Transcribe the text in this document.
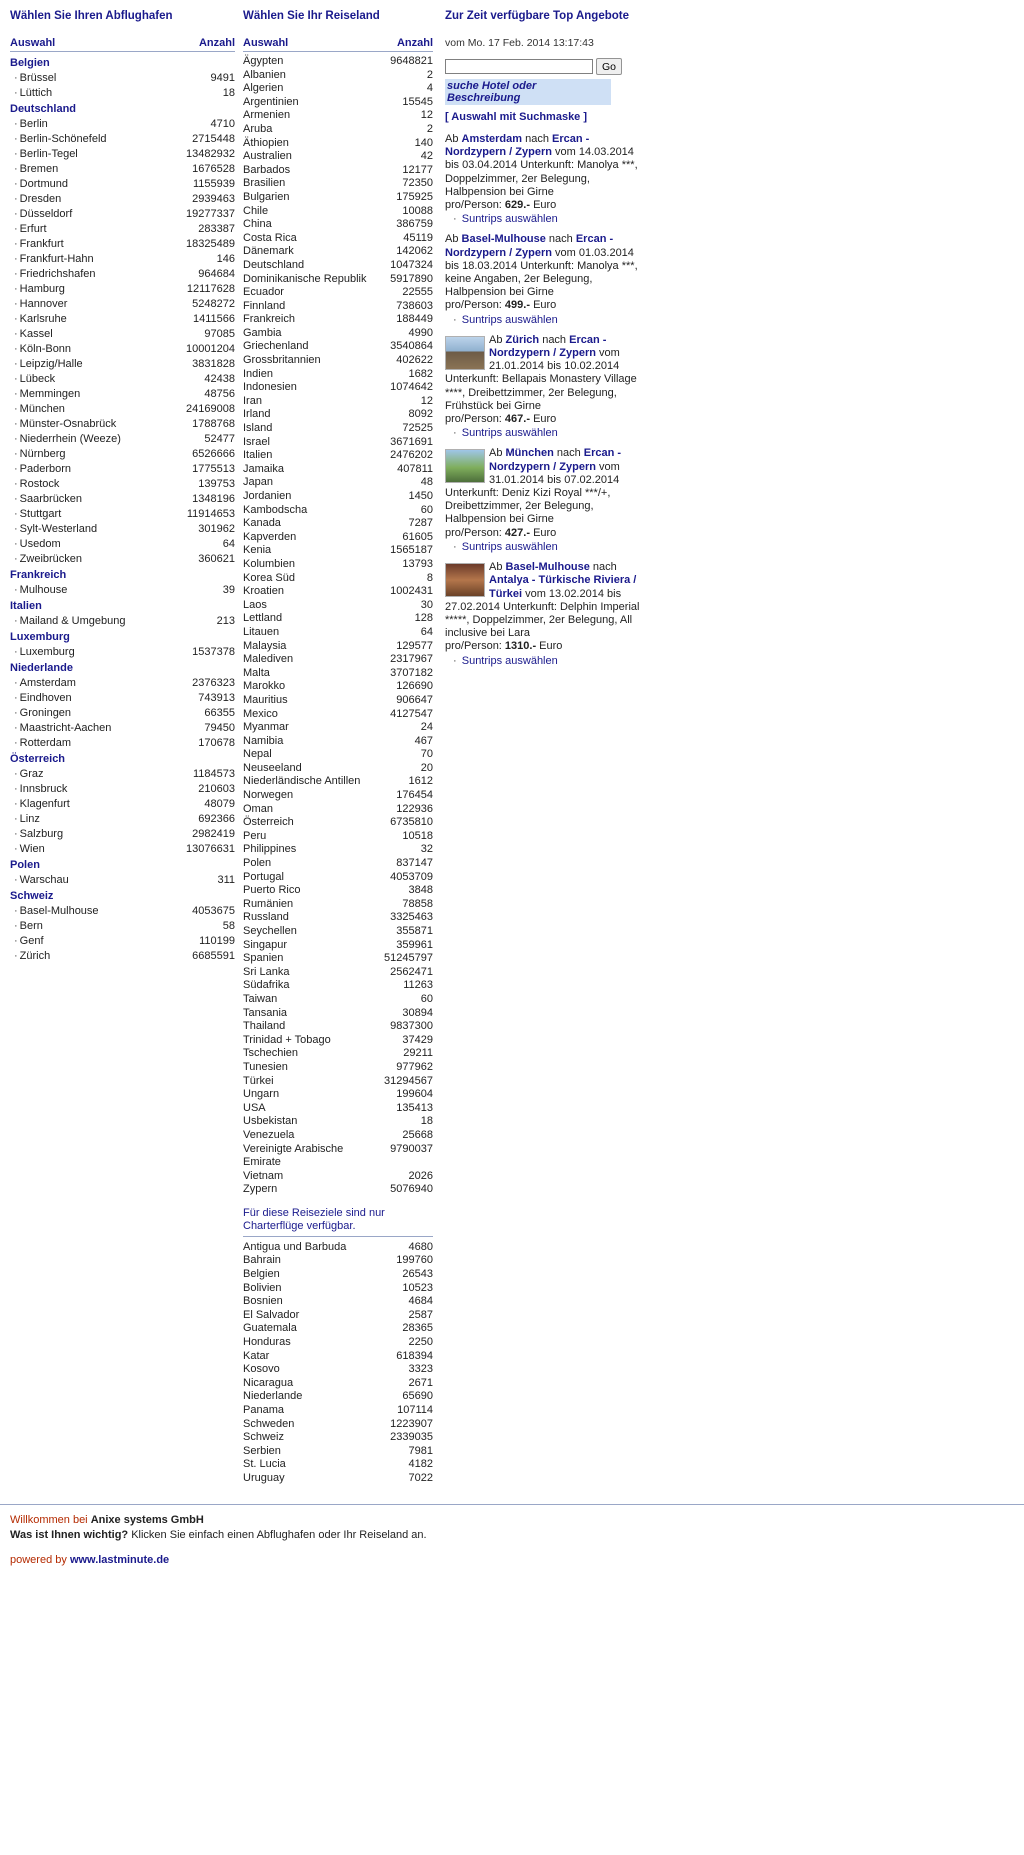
Wählen Sie Ihren Abflughafen
Auswahl	Anzahl
Belgien
· Brüssel	9491
· Lüttich	18
Deutschland
· Berlin	4710
· Berlin-Schönefeld	2715448
· Berlin-Tegel	13482932
· Bremen	1676528
· Dortmund	1155939
· Dresden	2939463
· Düsseldorf	19277337
· Erfurt	283387
· Frankfurt	18325489
· Frankfurt-Hahn	146
· Friedrichshafen	964684
· Hamburg	12117628
· Hannover	5248272
· Karlsruhe	1411566
· Kassel	97085
· Köln-Bonn	10001204
· Leipzig/Halle	3831828
· Lübeck	42438
· Memmingen	48756
· München	24169008
· Münster-Osnabrück	1788768
· Niederrhein (Weeze)	52477
· Nürnberg	6526666
· Paderborn	1775513
· Rostock	139753
· Saarbrücken	1348196
· Stuttgart	11914653
· Sylt-Westerland	301962
· Usedom	64
· Zweibrücken	360621
Frankreich
· Mulhouse	39
Italien
· Mailand & Umgebung	213
Luxemburg
· Luxemburg	1537378
Niederlande
· Amsterdam	2376323
· Eindhoven	743913
· Groningen	66355
· Maastricht-Aachen	79450
· Rotterdam	170678
Österreich
· Graz	1184573
· Innsbruck	210603
· Klagenfurt	48079
· Linz	692366
· Salzburg	2982419
· Wien	13076631
Polen
· Warschau	311
Schweiz
· Basel-Mulhouse	4053675
· Bern	58
· Genf	110199
· Zürich	6685591
Wählen Sie Ihr Reiseland
Auswahl	Anzahl
Ägypten	9648821
Albanien	2
Algerien	4
Argentinien	15545
Armenien	12
Aruba	2
Äthiopien	140
Australien	42
Barbados	12177
Brasilien	72350
Bulgarien	175925
Chile	10088
China	386759
Costa Rica	45119
Dänemark	142062
Deutschland	1047324
Dominikanische Republik	5917890
Ecuador	22555
Finnland	738603
Frankreich	188449
Gambia	4990
Griechenland	3540864
Grossbritannien	402622
Indien	1682
Indonesien	1074642
Iran	12
Irland	8092
Island	72525
Israel	3671691
Italien	2476202
Jamaika	407811
Japan	48
Jordanien	1450
Kambodscha	60
Kanada	7287
Kapverden	61605
Kenia	1565187
Kolumbien	13793
Korea Süd	8
Kroatien	1002431
Laos	30
Lettland	128
Litauen	64
Malaysia	129577
Malediven	2317967
Malta	3707182
Marokko	126690
Mauritius	906647
Mexico	4127547
Myanmar	24
Namibia	467
Nepal	70
Neuseeland	20
Niederländische Antillen	1612
Norwegen	176454
Oman	122936
Österreich	6735810
Peru	10518
Philippines	32
Polen	837147
Portugal	4053709
Puerto Rico	3848
Rumänien	78858
Russland	3325463
Seychellen	355871
Singapur	359961
Spanien	51245797
Sri Lanka	2562471
Südafrika	11263
Taiwan	60
Tansania	30894
Thailand	9837300
Trinidad + Tobago	37429
Tschechien	29211
Tunesien	977962
Türkei	31294567
Ungarn	199604
USA	135413
Usbekistan	18
Venezuela	25668
Vereinigte Arabische Emirate
9790037
Vietnam	2026
Zypern	5076940
Für diese Reiseziele sind nur Charterflüge verfügbar.
Antigua und Barbuda	4680
Bahrain	199760
Belgien	26543
Bolivien	10523
Bosnien	4684
El Salvador	2587
Guatemala	28365
Honduras	2250
Katar	618394
Kosovo	3323
Nicaragua	2671
Niederlande	65690
Panama	107114
Schweden	1223907
Schweiz	2339035
Serbien	7981
St. Lucia	4182
Uruguay	7022
Zur Zeit verfügbare Top Angebote
vom Mo. 17 Feb. 2014 13:17:43
Go
suche Hotel oder Beschreibung
[ Auswahl mit Suchmaske ]
Ab Amsterdam nach Ercan - Nordzypern / Zypern vom 14.03.2014 bis 03.04.2014 Unterkunft: Manolya ***, Doppelzimmer, 2er Belegung, Halbpension bei Girne
pro/Person: 629.- Euro
· Suntrips auswählen
Ab Basel-Mulhouse nach Ercan - Nordzypern / Zypern vom 01.03.2014 bis 18.03.2014 Unterkunft: Manolya ***, keine Angaben, 2er Belegung, Halbpension bei Girne
pro/Person: 499.- Euro
· Suntrips auswählen
Ab Zürich nach Ercan - Nordzypern / Zypern vom 21.01.2014 bis 10.02.2014 Unterkunft: Bellapais Monastery Village ****, Dreibettzimmer, 2er Belegung, Frühstück bei Girne
pro/Person: 467.- Euro
· Suntrips auswählen
Ab München nach Ercan - Nordzypern / Zypern vom 31.01.2014 bis 07.02.2014 Unterkunft: Deniz Kizi Royal ***/+, Dreibettzimmer, 2er Belegung, Halbpension bei Girne
pro/Person: 427.- Euro
· Suntrips auswählen
Ab Basel-Mulhouse nach Antalya - Türkische Riviera / Türkei vom 13.02.2014 bis 27.02.2014 Unterkunft: Delphin Imperial *****, Doppelzimmer, 2er Belegung, All inclusive bei Lara
pro/Person: 1310.- Euro
· Suntrips auswählen
Willkommen bei Anixe systems GmbH
Was ist Ihnen wichtig? Klicken Sie einfach einen Abflughafen oder Ihr Reiseland an.
powered by www.lastminute.de
